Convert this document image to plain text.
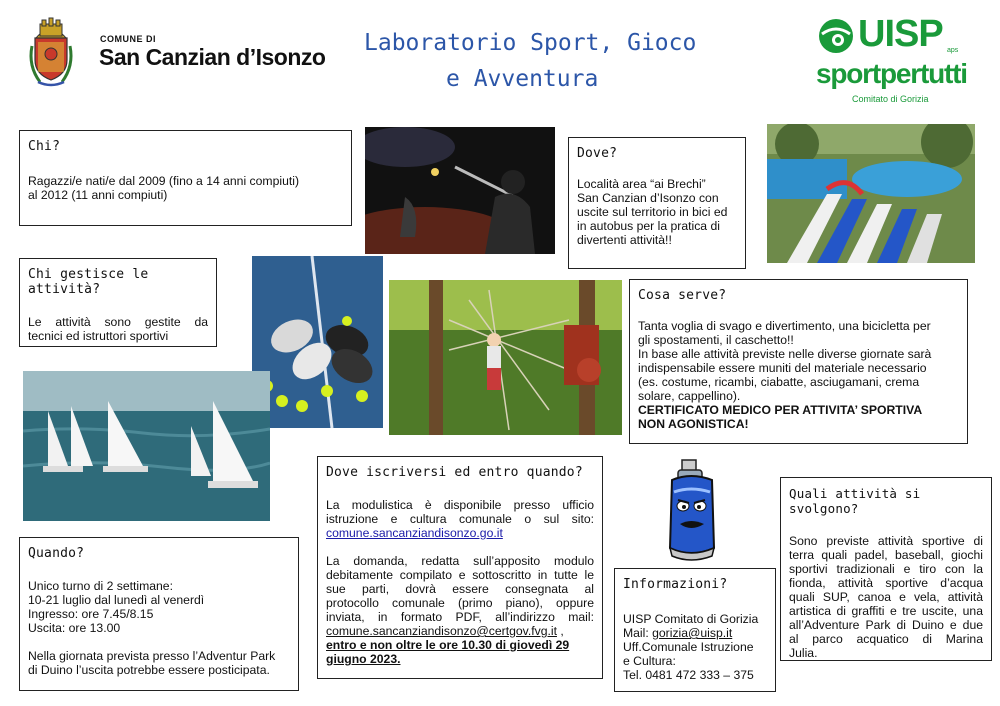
COMUNE DI
San Canzian d’Isonzo
Laboratorio Sport, Gioco
e Avventura
UISP aps
sportpertutti
Comitato di Gorizia
Chi?
Ragazzi/e nati/e dal 2009 (fino a 14 anni compiuti)
al 2012 (11 anni compiuti)
Dove?
Località area “ai Brechi”
San Canzian d’Isonzo con
uscite sul territorio in bici ed
in autobus per la pratica di
divertenti attività!!
Chi gestisce le attività?
Le attività sono gestite da
tecnici ed istruttori sportivi
Cosa serve?
Tanta voglia di svago e divertimento, una bicicletta per
gli spostamenti, il caschetto!!
In base alle attività previste nelle diverse giornate sarà
indispensabile essere muniti del materiale necessario
(es. costume, ricambi, ciabatte, asciugamani, crema
solare, cappellino).
CERTIFICATO MEDICO PER ATTIVITA’ SPORTIVA
NON AGONISTICA!
Dove iscriversi ed entro quando?
La modulistica è disponibile presso ufficio
istruzione e cultura comunale o sul sito:
comune.sancanziandisonzo.go.it
La domanda, redatta sull’apposito modulo
debitamente compilato e sottoscritto in tutte le
sue parti, dovrà essere consegnata al
protocollo comunale (primo piano), oppure
inviata, in formato PDF, all’indirizzo mail:
comune.sancanziandisonzo@certgov.fvg.it ,
entro e non oltre le ore 10.30 di giovedì 29
giugno 2023.
Quando?
Unico turno di 2 settimane:
10-21 luglio dal lunedì al venerdì
Ingresso: ore 7.45/8.15
Uscita: ore 13.00
Nella giornata prevista presso l’Adventur Park
di Duino l’uscita potrebbe essere posticipata.
Informazioni?
UISP Comitato di Gorizia
Mail: gorizia@uisp.it
Uff.Comunale Istruzione
e Cultura:
Tel. 0481 472 333 – 375
Quali attività si svolgono?
Sono previste attività sportive di
terra quali padel, baseball, giochi
sportivi tradizionali e tiro con la
fionda, attività sportive d’acqua
quali SUP, canoa e vela, attività
artistica di graffiti e tre uscite, una
all’Adventure Park di Duino e due
al parco acquatico di Marina
Julia.
